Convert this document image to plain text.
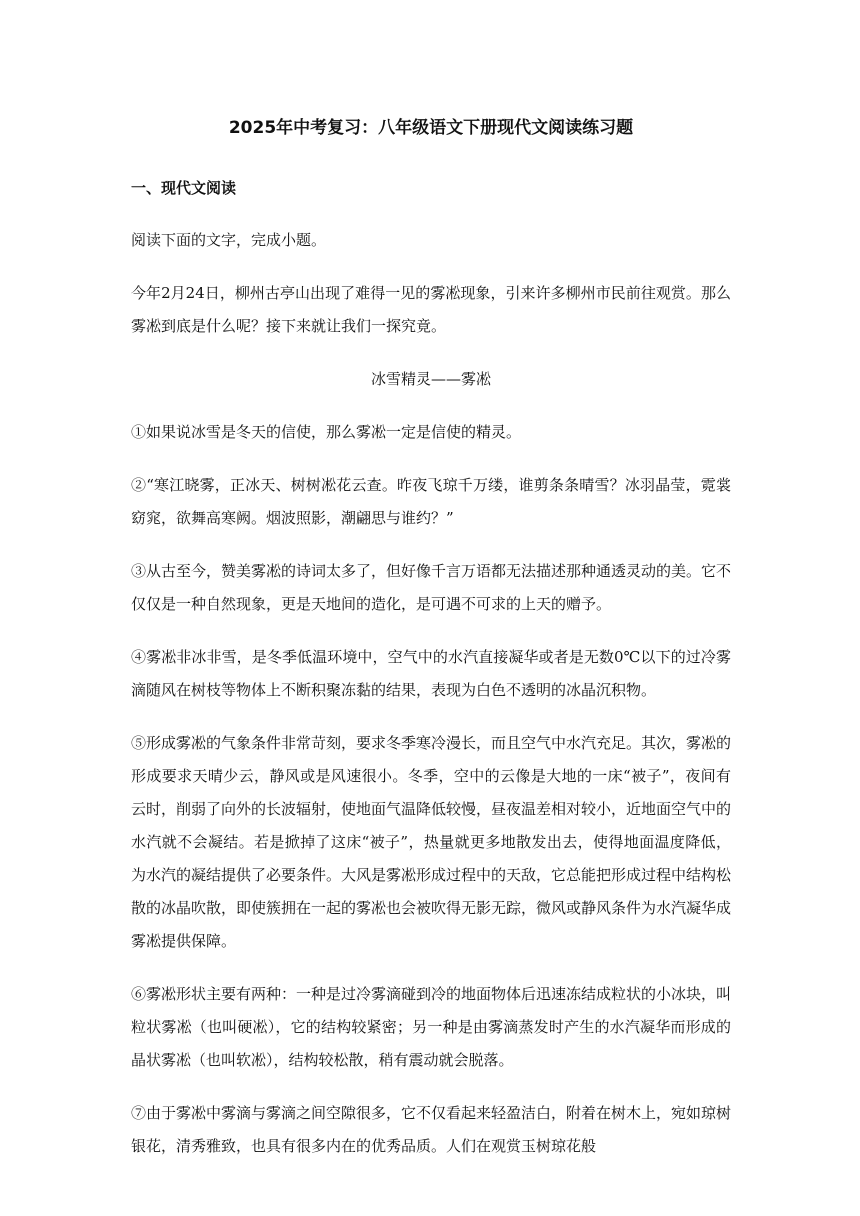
2025年中考复习：八年级语文下册现代文阅读练习题
一、现代文阅读
阅读下面的文字，完成小题。
今年2月24日，柳州古亭山出现了难得一见的雾凇现象，引来许多柳州市民前往观赏。那么雾凇到底是什么呢？接下来就让我们一探究竟。
冰雪精灵——雾凇
①如果说冰雪是冬天的信使，那么雾凇一定是信使的精灵。
②“寒江晓雾，正冰天、树树凇花云查。昨夜飞琼千万缕，谁剪条条晴雪？冰羽晶莹，霓裳窈窕，欲舞高寒阙。烟波照影，潮翩思与谁约？”
③从古至今，赞美雾凇的诗词太多了，但好像千言万语都无法描述那种通透灵动的美。它不仅仅是一种自然现象，更是天地间的造化，是可遇不可求的上天的赠予。
④雾凇非冰非雪，是冬季低温环境中，空气中的水汽直接凝华或者是无数0℃以下的过冷雾滴随风在树枝等物体上不断积聚冻黏的结果，表现为白色不透明的冰晶沉积物。
⑤形成雾凇的气象条件非常苛刻，要求冬季寒冷漫长，而且空气中水汽充足。其次，雾凇的形成要求天晴少云，静风或是风速很小。冬季，空中的云像是大地的一床“被子”，夜间有云时，削弱了向外的长波辐射，使地面气温降低较慢，昼夜温差相对较小，近地面空气中的水汽就不会凝结。若是掀掉了这床“被子”，热量就更多地散发出去，使得地面温度降低，为水汽的凝结提供了必要条件。大风是雾凇形成过程中的天敌，它总能把形成过程中结构松散的冰晶吹散，即使簇拥在一起的雾凇也会被吹得无影无踪，微风或静风条件为水汽凝华成雾凇提供保障。
⑥雾凇形状主要有两种：一种是过冷雾滴碰到冷的地面物体后迅速冻结成粒状的小冰块，叫粒状雾凇（也叫硬凇），它的结构较紧密；另一种是由雾滴蒸发时产生的水汽凝华而形成的晶状雾凇（也叫软凇），结构较松散，稍有震动就会脱落。
⑦由于雾凇中雾滴与雾滴之间空隙很多，它不仅看起来轻盈洁白，附着在树木上，宛如琼树银花，清秀雅致，也具有很多内在的优秀品质。人们在观赏玉树琼花般
